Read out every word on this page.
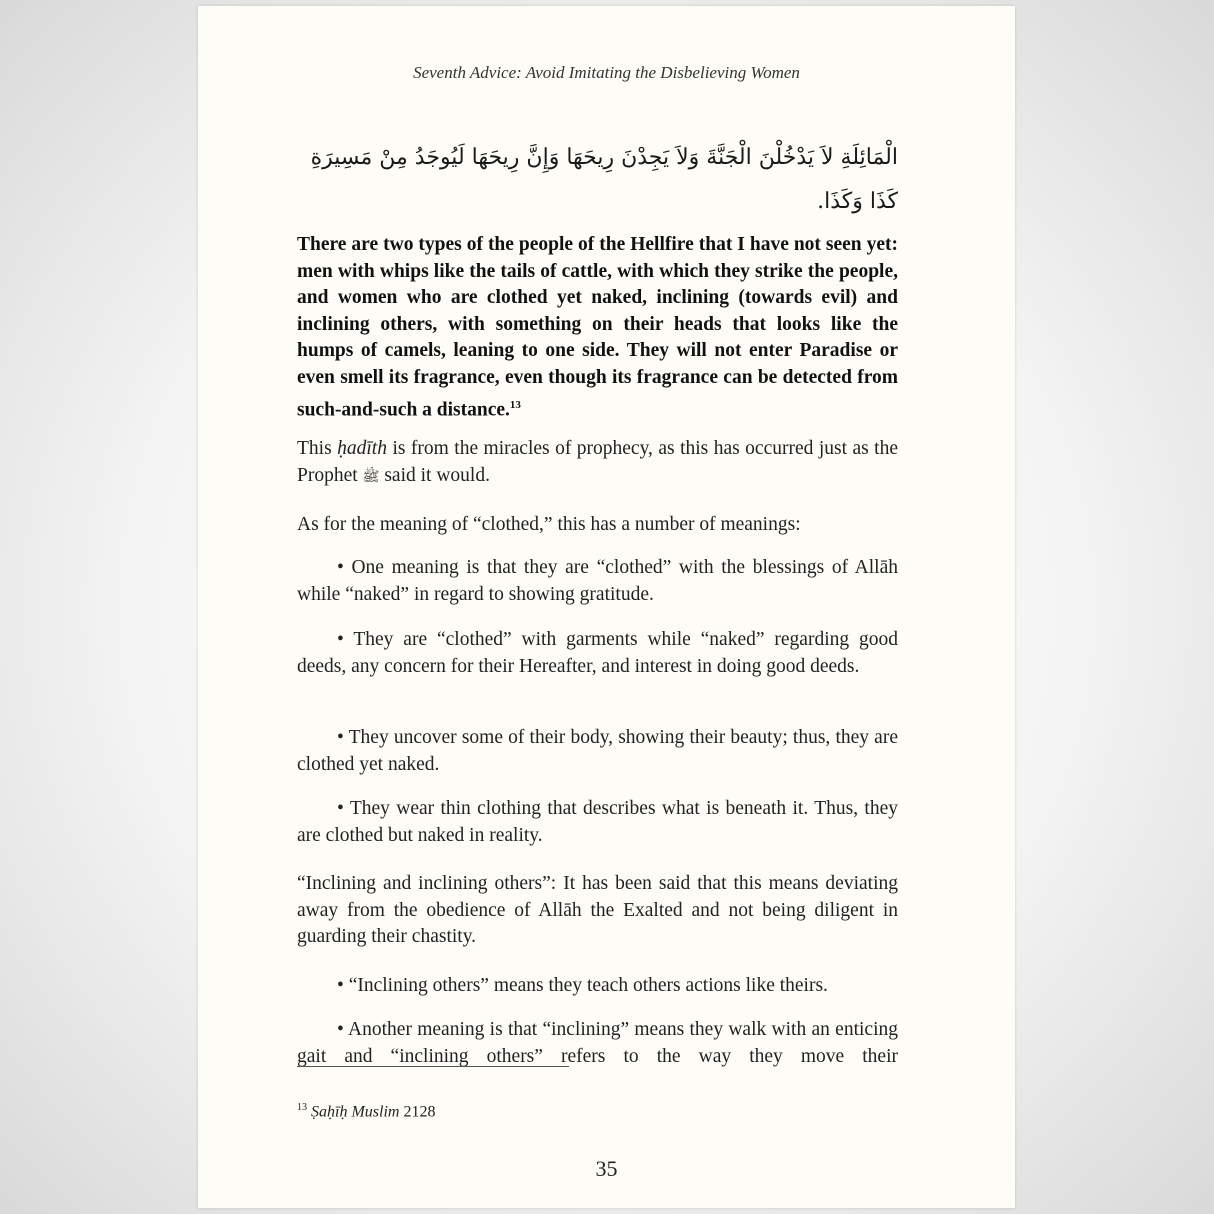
Seventh Advice: Avoid Imitating the Disbelieving Women
الْمَائِلَةِ لاَ يَدْخُلْنَ الْجَنَّةَ وَلاَ يَجِدْنَ رِيحَهَا وَإِنَّ رِيحَهَا لَيُوجَدُ مِنْ مَسِيرَةِ كَذَا وَكَذَا.
There are two types of the people of the Hellfire that I have not seen yet: men with whips like the tails of cattle, with which they strike the people, and women who are clothed yet naked, inclining (towards evil) and inclining others, with something on their heads that looks like the humps of camels, leaning to one side. They will not enter Paradise or even smell its fragrance, even though its fragrance can be detected from such-and-such a distance.$^{13}$
This ḥadīth is from the miracles of prophecy, as this has occurred just as the Prophet ﷺ said it would.
As for the meaning of “clothed,” this has a number of meanings:
• One meaning is that they are “clothed” with the blessings of Allāh while “naked” in regard to showing gratitude.
• They are “clothed” with garments while “naked” regarding good deeds, any concern for their Hereafter, and interest in doing good deeds.
• They uncover some of their body, showing their beauty; thus, they are clothed yet naked.
• They wear thin clothing that describes what is beneath it. Thus, they are clothed but naked in reality.
“Inclining and inclining others”: It has been said that this means deviating away from the obedience of Allāh the Exalted and not being diligent in guarding their chastity.
• “Inclining others” means they teach others actions like theirs.
• Another meaning is that “inclining” means they walk with an enticing gait and “inclining others” refers to the way they move their
$^{13}$ Ṣaḥīḥ Muslim 2128
35
